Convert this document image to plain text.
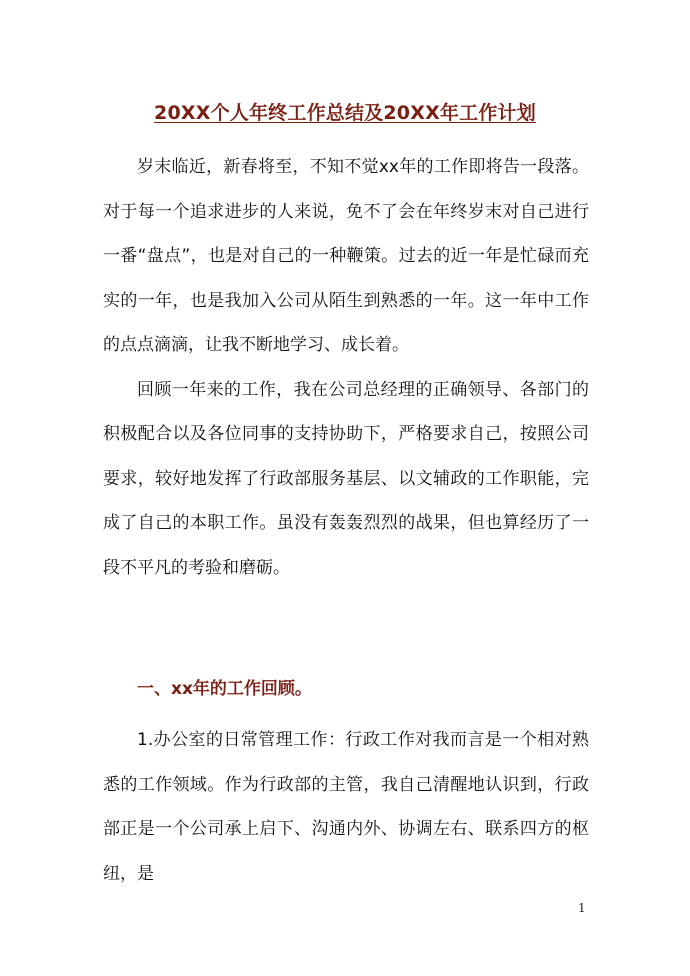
20XX个人年终工作总结及20XX年工作计划

岁末临近，新春将至，不知不觉xx年的工作即将告一段落。对于每一个追求进步的人来说，免不了会在年终岁末对自己进行一番“盘点”，也是对自己的一种鞭策。过去的近一年是忙碌而充实的一年，也是我加入公司从陌生到熟悉的一年。这一年中工作的点点滴滴，让我不断地学习、成长着。

回顾一年来的工作，我在公司总经理的正确领导、各部门的积极配合以及各位同事的支持协助下，严格要求自己，按照公司要求，较好地发挥了行政部服务基层、以文辅政的工作职能，完成了自己的本职工作。虽没有轰轰烈烈的战果，但也算经历了一段不平凡的考验和磨砺。

一、xx年的工作回顾。

1.办公室的日常管理工作：行政工作对我而言是一个相对熟悉的工作领域。作为行政部的主管，我自己清醒地认识到，行政部正是一个公司承上启下、沟通内外、协调左右、联系四方的枢纽，是

1
